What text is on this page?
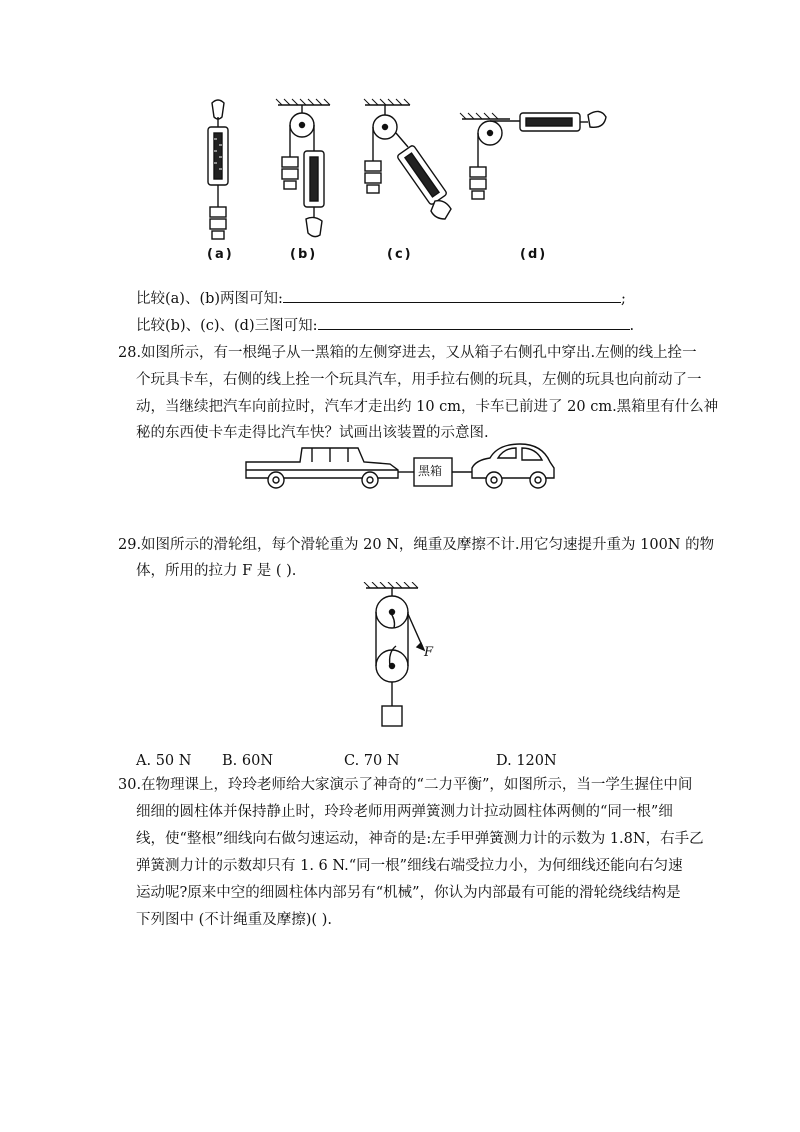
(a)	(b)	(c)	(d)
比较(a)、(b)两图可知:	;
比较(b)、(c)、(d)三图可知:	.
28.如图所示，有一根绳子从一黑箱的左侧穿进去，又从箱子右侧孔中穿出.左侧的线上拴一
个玩具卡车，右侧的线上拴一个玩具汽车，用手拉右侧的玩具，左侧的玩具也向前动了一
动，当继续把汽车向前拉时，汽车才走出约 10 cm，卡车已前进了 20 cm.黑箱里有什么神
秘的东西使卡车走得比汽车快？试画出该装置的示意图.
黑箱
29.如图所示的滑轮组，每个滑轮重为 20 N，绳重及摩擦不计.用它匀速提升重为 100N 的物
体，所用的拉力 F 是 ( ).
F
A. 50 N B. 60N	C. 70 N	D. 120N
30.在物理课上，玲玲老师给大家演示了神奇的“二力平衡”，如图所示，当一学生握住中间
细细的圆柱体并保持静止时，玲玲老师用两弹簧测力计拉动圆柱体两侧的“同一根”细
线，使“整根”细线向右做匀速运动，神奇的是:左手甲弹簧测力计的示数为 1.8N，右手乙
弹簧测力计的示数却只有 1. 6 N.“同一根”细线右端受拉力小，为何细线还能向右匀速
运动呢?原来中空的细圆柱体内部另有“机械”，你认为内部最有可能的滑轮绕线结构是
下列图中 (不计绳重及摩擦)( ).
